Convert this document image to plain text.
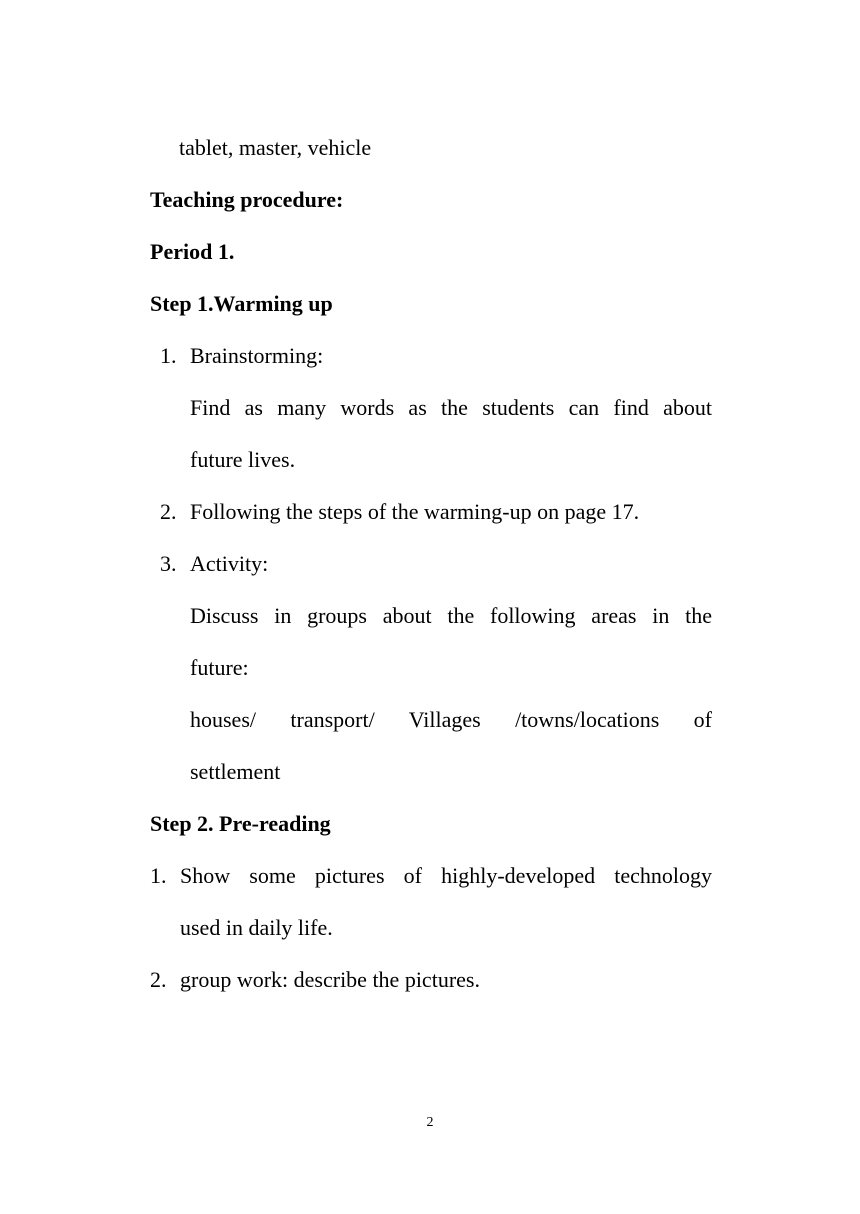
tablet, master, vehicle
Teaching procedure:
Period 1.
Step 1.Warming up
1. Brainstorming:
Find as many words as the students can find about
future lives.
2. Following the steps of the warming-up on page 17.
3. Activity:
Discuss in groups about the following areas in the
future:
houses/ transport/ Villages /towns/locations of
settlement
Step 2. Pre-reading
1. Show some pictures of highly-developed technology
used in daily life.
2. group work: describe the pictures.
2
